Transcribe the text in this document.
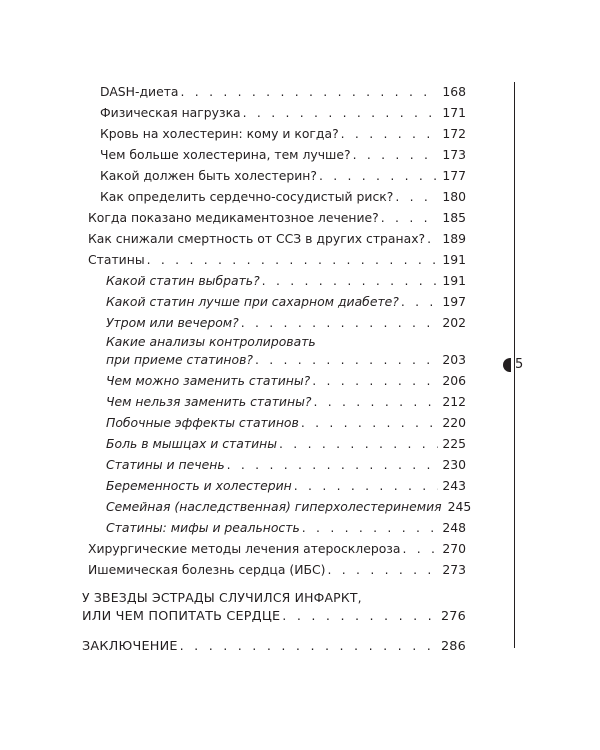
DASH-диета . . .	168
Физическая нагрузка . . .	171
Кровь на холестерин: кому и когда? . . .	172
Чем больше холестерина, тем лучше? . . .	173
Какой должен быть холестерин? . . .	177
Как определить сердечно-сосудистый риск? . . .	180
Когда показано медикаментозное лечение? . . .	185
Как снижали смертность от ССЗ в других странах? . . . 189
Статины . . .	191
Какой статин выбрать? . . .	191
Какой статин лучше при сахарном диабете? . . .	197
Утром или вечером? . . .	202
Какие анализы контролировать
при приеме статинов? . . .	203
Чем можно заменить статины? . . .	206
Чем нельзя заменить статины? . . .	212
Побочные эффекты статинов . . .	220
Боль в мышцах и статины . . .	225
Статины и печень . . .	230
Беременность и холестерин . . .	243
Семейная (наследственная) гиперхолестеринемия 245
Статины: мифы и реальность . . .	248
Хирургические методы лечения атеросклероза . . .	270
Ишемическая болезнь сердца (ИБС) . . .	273
У ЗВЕЗДЫ ЭСТРАДЫ СЛУЧИЛСЯ ИНФАРКТ,
ИЛИ ЧЕМ ПОПИТАТЬ СЕРДЦЕ . . .	276
ЗАКЛЮЧЕНИЕ . . .	286
5
